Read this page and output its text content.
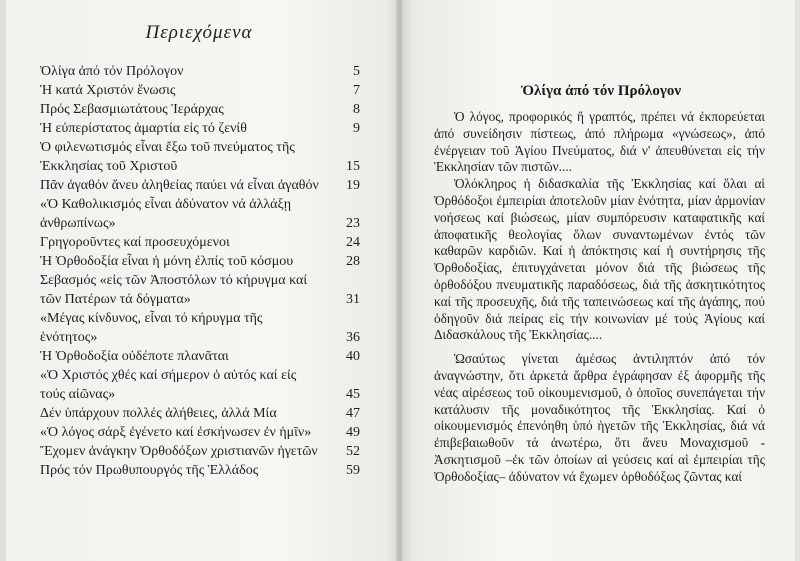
Περιεχόμενα
Ὀλίγα ἀπό τόν Πρόλογον	5
Ἡ κατά Χριστόν ἕνωσις	7
Πρός Σεβασμιωτάτους Ἱεράρχας	8
Ἡ εὐπερίστατος ἁμαρτία εἰς τό ζενίθ	9
Ὁ φιλενωτισμός εἶναι ἔξω τοῦ πνεύματος τῆς Ἐκκλησίας τοῦ Χριστοῦ	15
Πᾶν ἀγαθόν ἄνευ ἀληθείας παύει νά εἶναι ἀγαθόν 19
«Ὁ Καθολικισμός εἶναι ἀδύνατον νά ἀλλάξῃ ἀνθρωπίνως»	23
Γρηγοροῦντες καί προσευχόμενοι	24
Ἡ Ὀρθοδοξία εἶναι ἡ μόνη ἐλπίς τοῦ κόσμου	28
Σεβασμός «εἰς τῶν Ἀποστόλων τό κήρυγμα καί τῶν Πατέρων τά δόγματα»	31
«Μέγας κίνδυνος, εἶναι τό κήρυγμα τῆς ἑνότητος»	36
Ἡ Ὀρθοδοξία οὐδέποτε πλανᾶται	40
«Ὁ Χριστός χθές καί σήμερον ὁ αὐτός καί εἰς τούς αἰῶνας»	45
Δέν ὑπάρχουν πολλές ἀλήθειες, ἀλλά Μία	47
«Ὁ λόγος σάρξ ἐγένετο καί ἐσκήνωσεν ἐν ἡμῖν»	49
Ἔχομεν ἀνάγκην Ὀρθοδόξων χριστιανῶν ἡγετῶν 52
Πρός τόν Πρωθυπουργός τῆς Ἑλλάδος	59
Ὀλίγα ἀπό τόν Πρόλογον

Ὁ λόγος, προφορικός ἤ γραπτός, πρέπει νά ἐκπορεύεται ἀπό συνείδησιν πίστεως, ἀπό πλήρωμα «γνώσεως», ἀπό ἐνέργειαν τοῦ Ἁγίου Πνεύματος, διά ν' ἀπευθύνεται εἰς τήν Ἐκκλησίαν τῶν πιστῶν....

Ὁλόκληρος ἡ διδασκαλία τῆς Ἐκκλησίας καί ὅλαι αἱ Ὀρθόδοξοι ἐμπειρίαι ἀποτελοῦν μίαν ἑνότητα, μίαν ἁρμονίαν νοήσεως καί βιώσεως, μίαν συμπόρευσιν καταφατικῆς καί ἀποφατικῆς θεολογίας ὅλων συναντωμένων ἐντός τῶν καθαρῶν καρδιῶν. Καί ἡ ἀπόκτησις καί ἡ συντήρησις τῆς Ὀρθοδοξίας, ἐπιτυγχάνεται μόνον διά τῆς βιώσεως τῆς ὀρθοδόξου πνευματικῆς παραδόσεως, διά τῆς ἀσκητικότητος καί τῆς προσευχῆς, διά τῆς ταπεινώσεως καί τῆς ἀγάπης, πού ὁδηγοῦν διά πείρας εἰς τήν κοινωνίαν μέ τούς Ἁγίους καί Διδασκάλους τῆς Ἐκκλησίας....

Ὡσαύτως γίνεται ἀμέσως ἀντιληπτόν ἀπό τόν ἀναγνώστην, ὅτι ἀρκετά ἄρθρα ἐγράφησαν ἐξ ἀφορμῆς τῆς νέας αἱρέσεως τοῦ οἰκουμενισμοῦ, ὁ ὁποῖος συνεπάγεται τήν κατάλυσιν τῆς μοναδικότητος τῆς Ἐκκλησίας. Καί ὁ οἰκουμενισμός ἐπενόηθη ὑπό ἡγετῶν τῆς Ἐκκλησίας, διά νά ἐπιβεβαιωθοῦν τά ἀνωτέρω, ὅτι ἄνευ Μοναχισμοῦ - Ἀσκητισμοῦ –ἐκ τῶν ὁποίων αἱ γεύσεις καί αἱ ἐμπειρίαι τῆς Ὀρθοδοξίας– ἀδύνατον νά ἔχωμεν ὀρθοδόξως ζῶντας καί
